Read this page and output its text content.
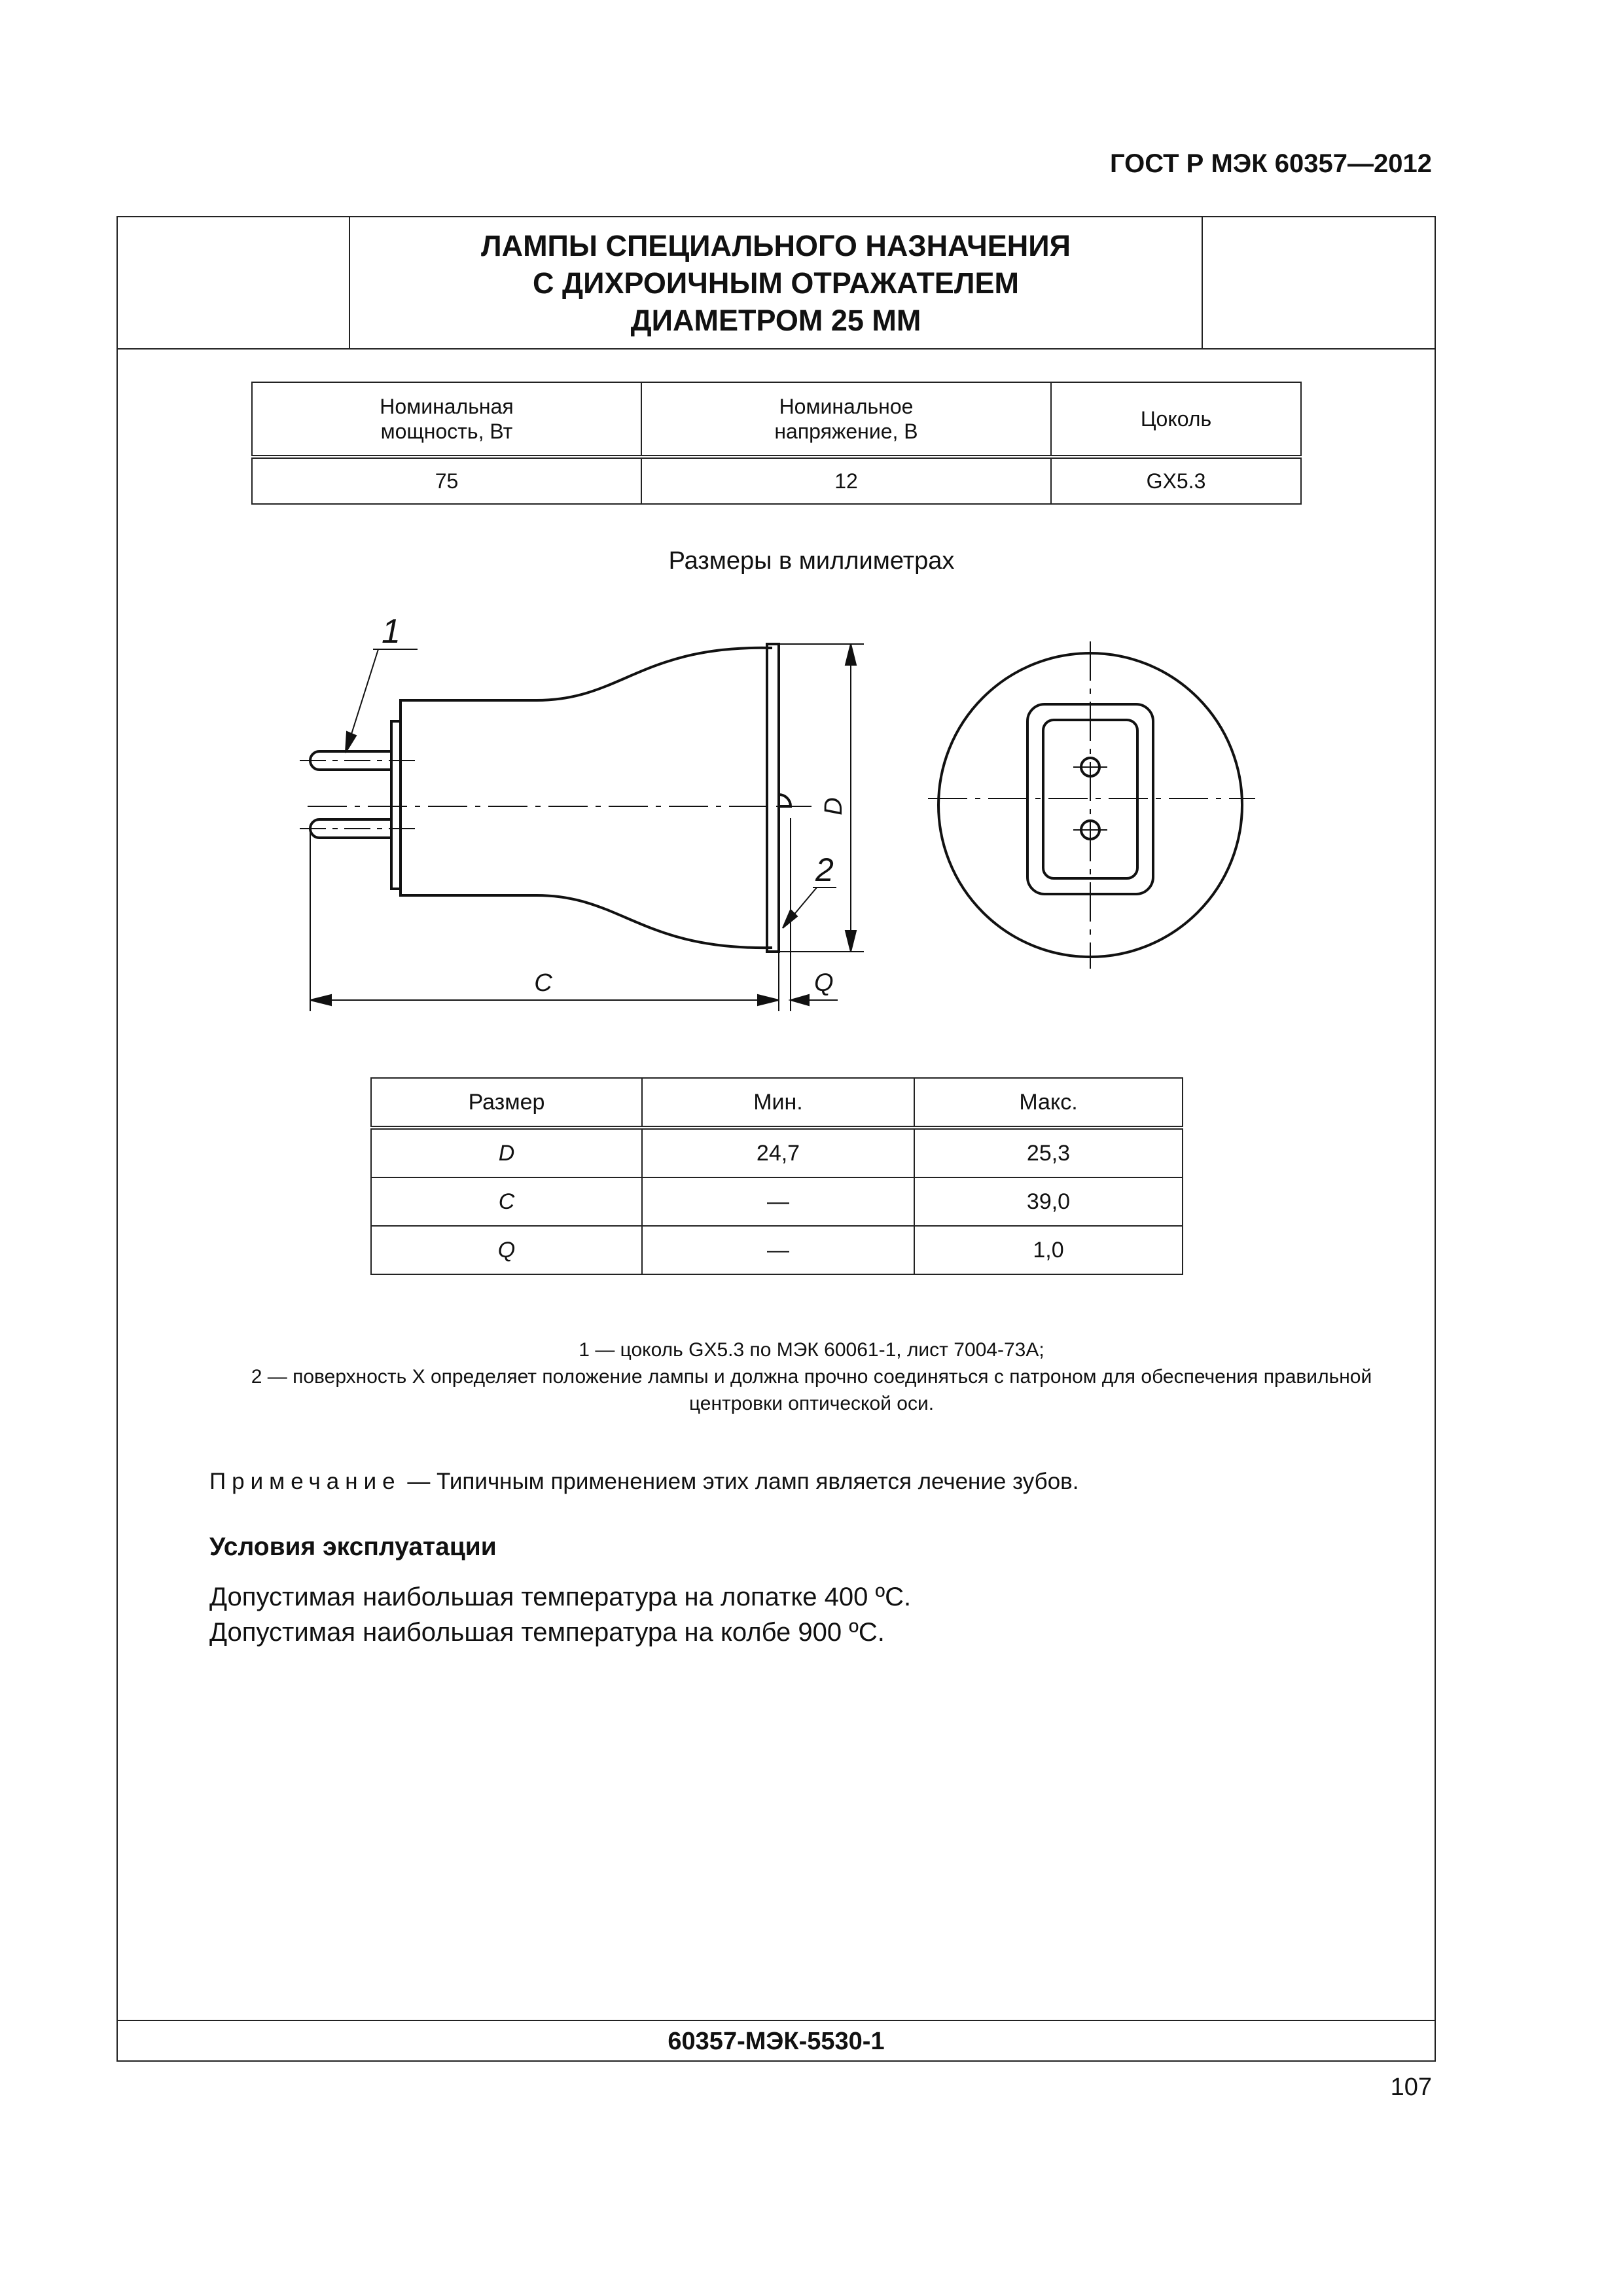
ГОСТ Р МЭК 60357—2012
ЛАМПЫ СПЕЦИАЛЬНОГО НАЗНАЧЕНИЯ
С ДИХРОИЧНЫМ ОТРАЖАТЕЛЕМ
ДИАМЕТРОМ 25 ММ
Номинальная мощность, Вт	Номинальное напряжение, В	Цоколь
75	12	GX5.3
Размеры в миллиметрах
1
2
D
C	Q
Размер	Мин.	Макс.
D	24,7	25,3
C	—	39,0
Q	—	1,0
1 — цоколь GX5.3 по МЭК 60061-1, лист 7004-73А;
2 — поверхность X определяет положение лампы и должна прочно соединяться с патроном для обеспечения правильной
центровки оптической оси.
Примечание — Типичным применением этих ламп является лечение зубов.
Условия эксплуатации
Допустимая наибольшая температура на лопатке 400 ºC.
Допустимая наибольшая температура на колбе 900 ºC.
60357-МЭК-5530-1
107
